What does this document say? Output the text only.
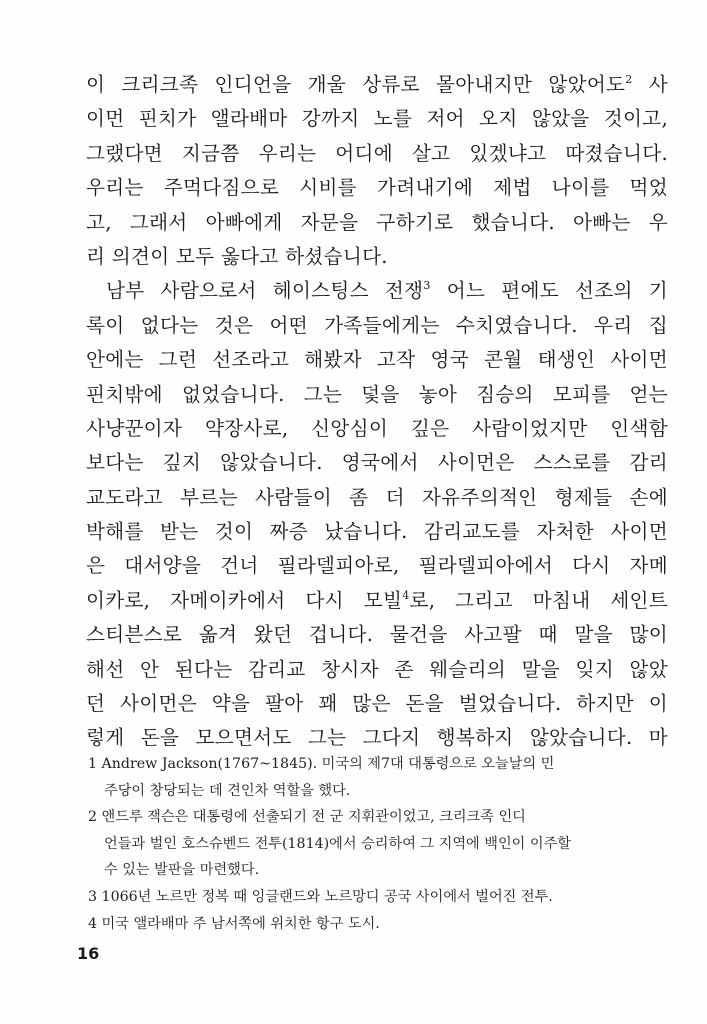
이 크리크족 인디언을 개울 상류로 몰아내지만 않았어도$^2$ 사
이먼 핀치가 앨라배마 강까지 노를 저어 오지 않았을 것이고,
그랬다면 지금쯤 우리는 어디에 살고 있겠냐고 따졌습니다.
우리는 주먹다짐으로 시비를 가려내기에 제법 나이를 먹었
고, 그래서 아빠에게 자문을 구하기로 했습니다. 아빠는 우
리 의견이 모두 옳다고 하셨습니다.
남부 사람으로서 헤이스팅스 전쟁$^3$ 어느 편에도 선조의 기
록이 없다는 것은 어떤 가족들에게는 수치였습니다. 우리 집
안에는 그런 선조라고 해봤자 고작 영국 콘월 태생인 사이먼
핀치밖에 없었습니다. 그는 덫을 놓아 짐승의 모피를 얻는
사냥꾼이자 약장사로, 신앙심이 깊은 사람이었지만 인색함
보다는 깊지 않았습니다. 영국에서 사이먼은 스스로를 감리
교도라고 부르는 사람들이 좀 더 자유주의적인 형제들 손에
박해를 받는 것이 짜증 났습니다. 감리교도를 자처한 사이먼
은 대서양을 건너 필라델피아로, 필라델피아에서 다시 자메
이카로, 자메이카에서 다시 모빌$^4$로, 그리고 마침내 세인트
스티븐스로 옮겨 왔던 겁니다. 물건을 사고팔 때 말을 많이
해선 안 된다는 감리교 창시자 존 웨슬리의 말을 잊지 않았
던 사이먼은 약을 팔아 꽤 많은 돈을 벌었습니다. 하지만 이
렇게 돈을 모으면서도 그는 그다지 행복하지 않았습니다. 마
1 Andrew Jackson(1767~1845). 미국의 제7대 대통령으로 오늘날의 민
주당이 창당되는 데 견인차 역할을 했다.
2 앤드루 잭슨은 대통령에 선출되기 전 군 지휘관이었고, 크리크족 인디
언들과 벌인 호스슈벤드 전투(1814)에서 승리하여 그 지역에 백인이 이주할
수 있는 발판을 마련했다.
3 1066년 노르만 정복 때 잉글랜드와 노르망디 공국 사이에서 벌어진 전투.
4 미국 앨라배마 주 남서쪽에 위치한 항구 도시.
16
